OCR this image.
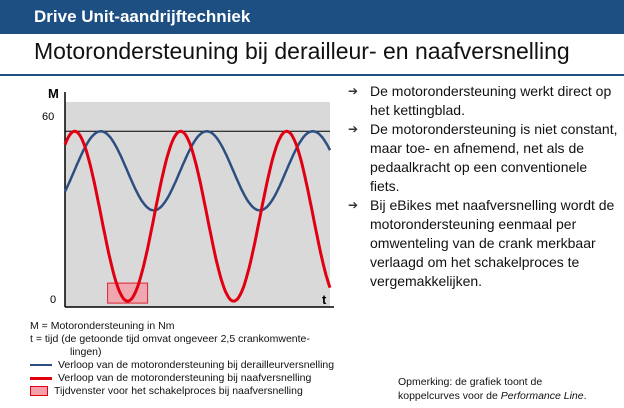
Drive Unit-aandrijftechniek
Motorondersteuning bij derailleur- en naafversnelling
M
t
60
0
➔ De motorondersteuning werkt direct op het kettingblad.
➔ De motorondersteuning is niet constant, maar toe- en afnemend, net als de pedaalkracht op een conventionele fiets.
➔ Bij eBikes met naafversnelling wordt de motorondersteuning eenmaal per omwenteling van de crank merkbaar verlaagd om het schakelproces te vergemakkelijken.
M = Motorondersteuning in Nm
t = tijd (de getoonde tijd omvat ongeveer 2,5 crankomwente-
lingen)
Verloop van de motorondersteuning bij derailleurversnelling
Verloop van de motorondersteuning bij naafversnelling
Tijdvenster voor het schakelproces bij naafversnelling
Opmerking: de grafiek toont de
koppelcurves voor de Performance Line.
